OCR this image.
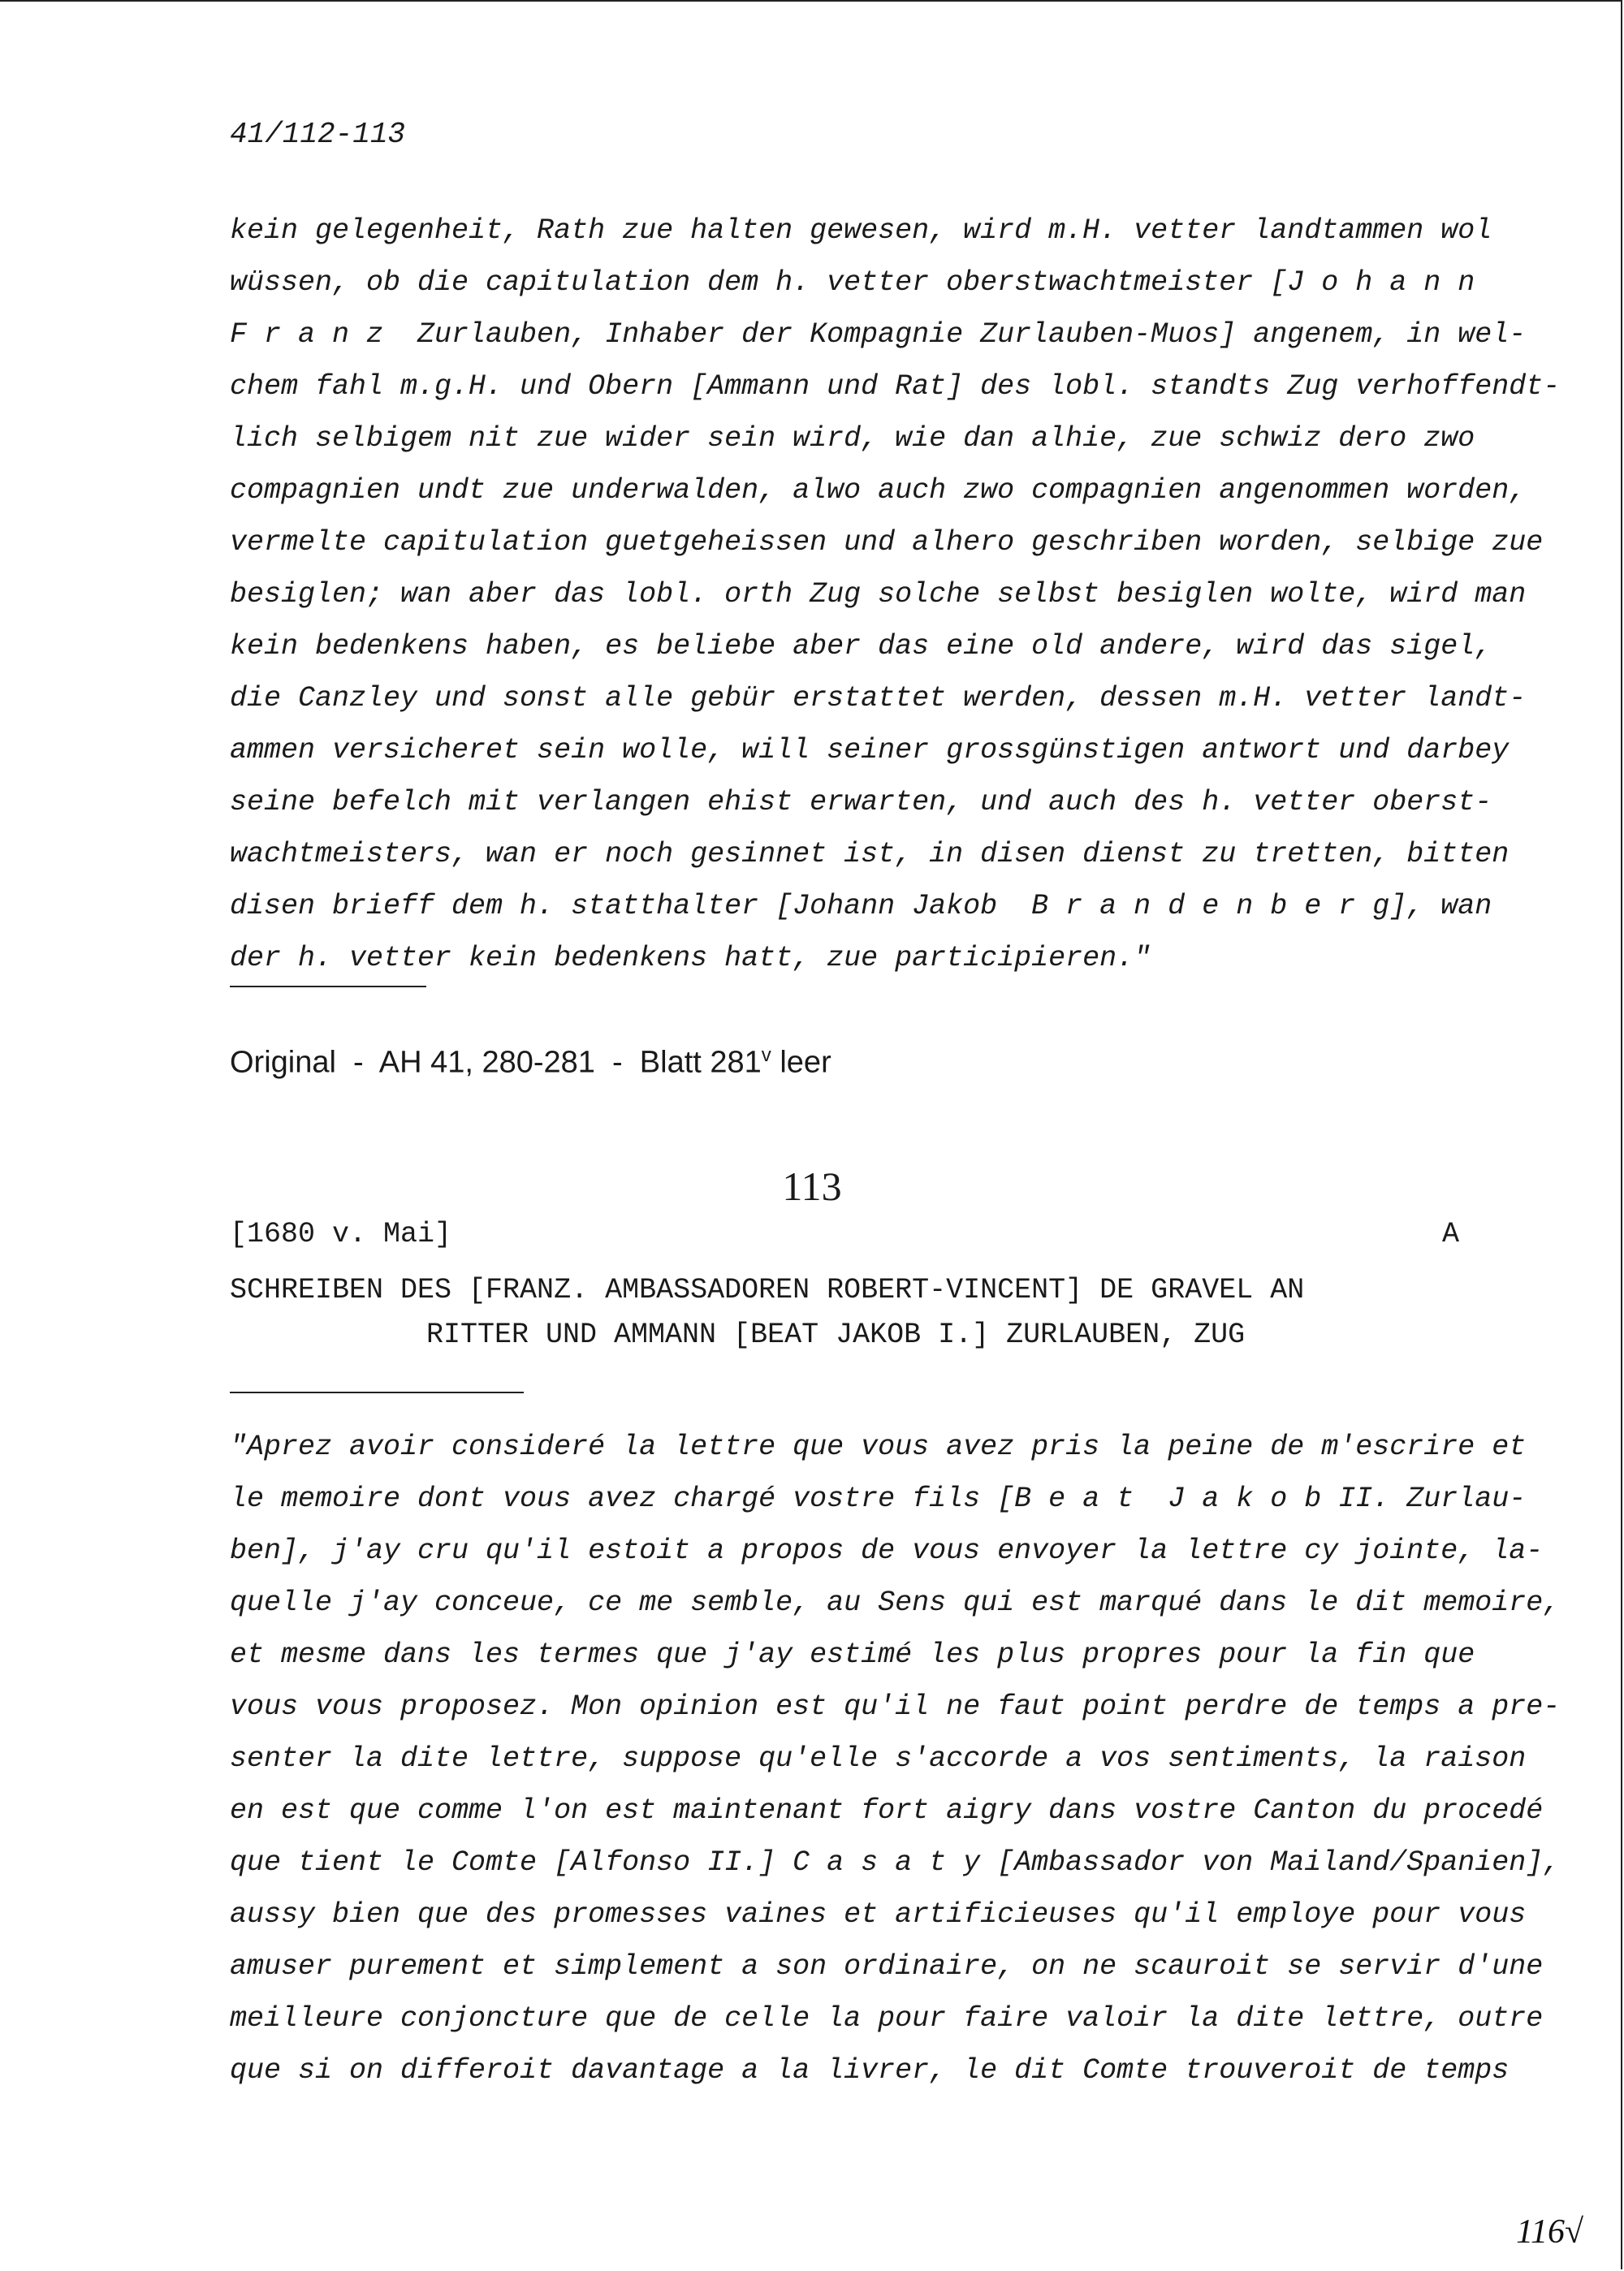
41/112-113
kein gelegenheit, Rath zue halten gewesen, wird m.H. vetter landtammen wol
wüssen, ob die capitulation dem h. vetter oberstwachtmeister [J o h a n n
F r a n z  Zurlauben, Inhaber der Kompagnie Zurlauben-Muos] angenem, in wel-
chem fahl m.g.H. und Obern [Ammann und Rat] des lobl. standts Zug verhoffendt-
lich selbigem nit zue wider sein wird, wie dan alhie, zue schwiz dero zwo
compagnien undt zue underwalden, alwo auch zwo compagnien angenommen worden,
vermelte capitulation guetgeheissen und alhero geschriben worden, selbige zue
besiglen; wan aber das lobl. orth Zug solche selbst besiglen wolte, wird man
kein bedenkens haben, es beliebe aber das eine old andere, wird das sigel,
die Canzley und sonst alle gebür erstattet werden, dessen m.H. vetter landt-
ammen versicheret sein wolle, will seiner grossgünstigen antwort und darbey
seine befelch mit verlangen ehist erwarten, und auch des h. vetter oberst-
wachtmeisters, wan er noch gesinnet ist, in disen dienst zu tretten, bitten
disen brieff dem h. statthalter [Johann Jakob  B r a n d e n b e r g], wan
der h. vetter kein bedenkens hatt, zue participieren."
Original  -  AH 41, 280-281  -  Blatt 281$^v$ leer
113
[1680 v. Mai]	A
SCHREIBEN DES [FRANZ. AMBASSADOREN ROBERT-VINCENT] DE GRAVEL AN
RITTER UND AMMANN [BEAT JAKOB I.] ZURLAUBEN, ZUG
"Aprez avoir consideré la lettre que vous avez pris la peine de m'escrire et
le memoire dont vous avez chargé vostre fils [B e a t  J a k o b II. Zurlau-
ben], j'ay cru qu'il estoit a propos de vous envoyer la lettre cy jointe, la-
quelle j'ay conceue, ce me semble, au Sens qui est marqué dans le dit memoire,
et mesme dans les termes que j'ay estimé les plus propres pour la fin que
vous vous proposez. Mon opinion est qu'il ne faut point perdre de temps a pre-
senter la dite lettre, suppose qu'elle s'accorde a vos sentiments, la raison
en est que comme l'on est maintenant fort aigry dans vostre Canton du procedé
que tient le Comte [Alfonso II.] C a s a t y [Ambassador von Mailand/Spanien],
aussy bien que des promesses vaines et artificieuses qu'il employe pour vous
amuser purement et simplement a son ordinaire, on ne scauroit se servir d'une
meilleure conjoncture que de celle la pour faire valoir la dite lettre, outre
que si on differoit davantage a la livrer, le dit Comte trouveroit de temps
116√
